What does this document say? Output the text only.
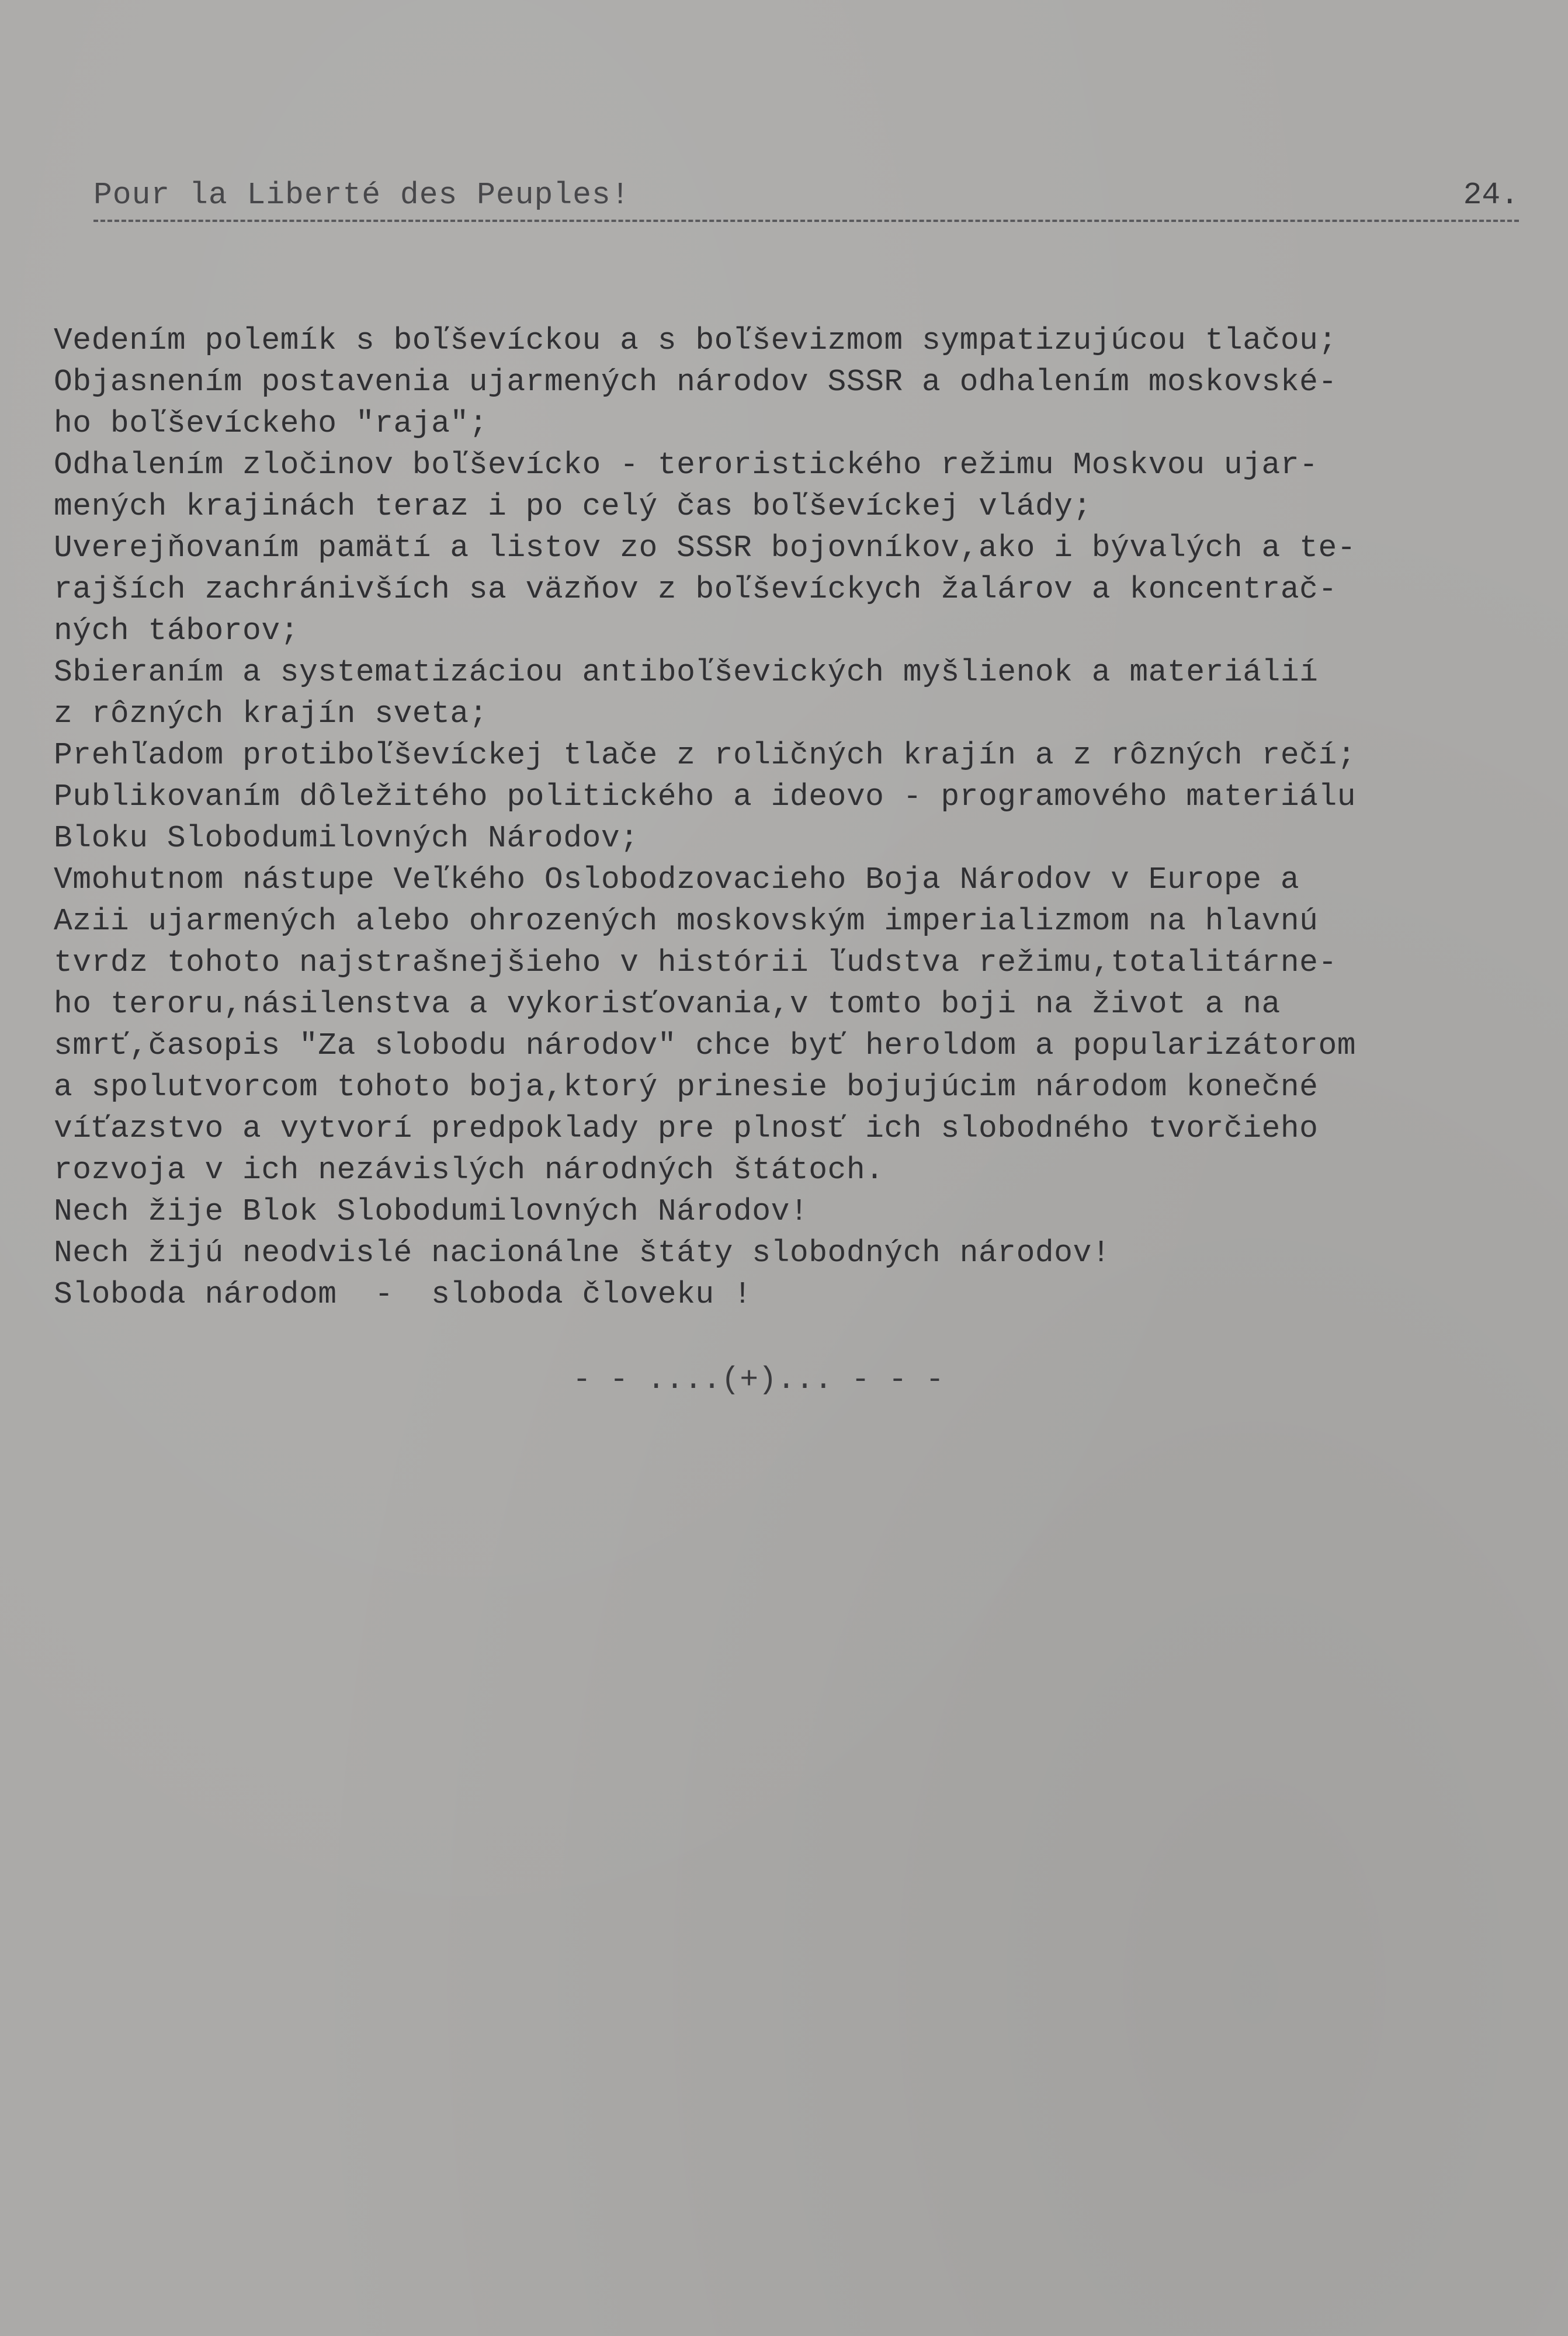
Pour la Liberté des Peuples!	24.
Vedením polemík s boľševíckou a s boľševizmom sympatizujúcou tlačou;
Objasnením postavenia ujarmených národov SSSR a odhalením moskovské-
ho boľševíckeho "raja";
Odhalením zločinov boľševícko - teroristického režimu Moskvou ujar-
mených krajinách teraz i po celý čas boľševíckej vlády;
Uverejňovaním pamätí a listov zo SSSR bojovníkov,ako i bývalých a te-
rajších zachránivších sa väzňov z boľševíckych žalárov a koncentrač-
ných táborov;
Sbieraním a systematizáciou antiboľševických myšlienok a materiálií
z rôzných krajín sveta;
Prehľadom protiboľševíckej tlače z roličných krajín a z rôzných rečí;
Publikovaním dôležitého politického a ideovo - programového materiálu
Bloku Slobodumilovných Národov;
Vmohutnom nástupe Veľkého Oslobodzovacieho Boja Národov v Europe a
Azii ujarmených alebo ohrozených moskovským imperializmom na hlavnú
tvrdz tohoto najstrašnejšieho v histórii ľudstva režimu,totalitárne-
ho teroru,násilenstva a vykorisťovania,v tomto boji na život a na
smrť,časopis "Za slobodu národov" chce byť heroldom a popularizátorom
a spolutvorcom tohoto boja,ktorý prinesie bojujúcim národom konečné
víťazstvo a vytvorí predpoklady pre plnosť ich slobodného tvorčieho
rozvoja v ich nezávislých národných štátoch.
Nech žije Blok Slobodumilovných Národov!
Nech žijú neodvislé nacionálne štáty slobodných národov!
Sloboda národom  -  sloboda človeku !
- - ....(+)... - - -
